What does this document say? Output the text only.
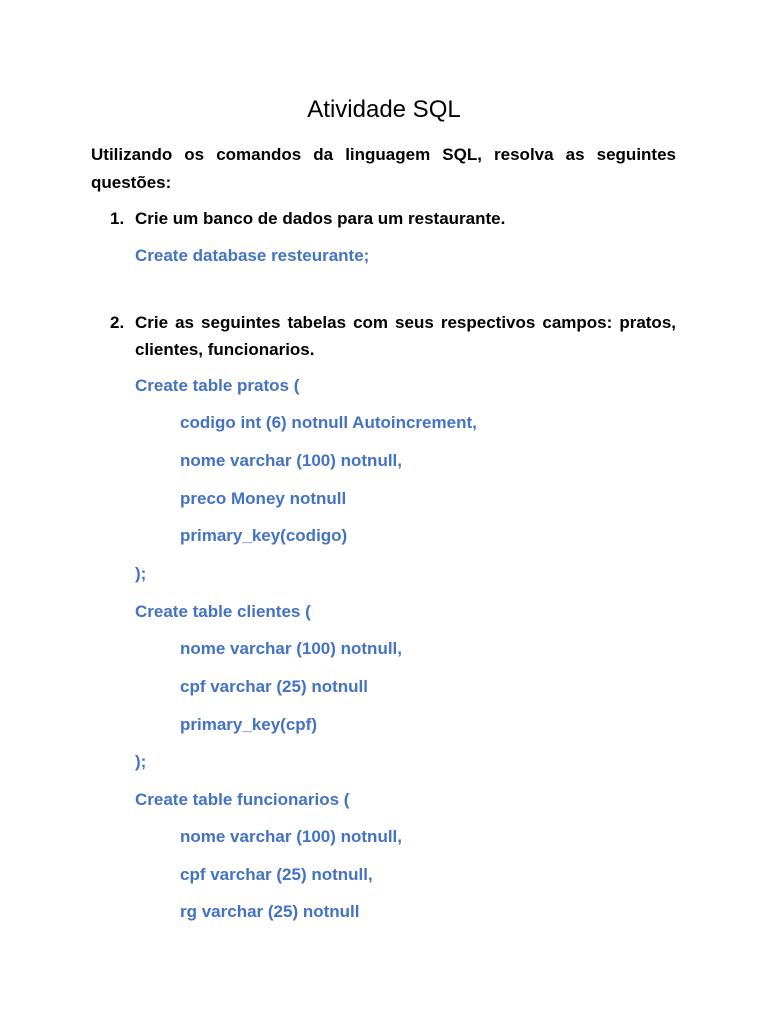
Atividade SQL
Utilizando os comandos da linguagem SQL, resolva as seguintes questões:
1. Crie um banco de dados para um restaurante.
Create database resteurante;
2. Crie as seguintes tabelas com seus respectivos campos: pratos,
clientes, funcionarios.
Create table pratos (
codigo int (6) notnull Autoincrement,
nome varchar (100) notnull,
preco Money notnull
primary_key(codigo)
);
Create table clientes (
nome varchar (100) notnull,
cpf varchar (25) notnull
primary_key(cpf)
);
Create table funcionarios (
nome varchar (100) notnull,
cpf varchar (25) notnull,
rg varchar (25) notnull
